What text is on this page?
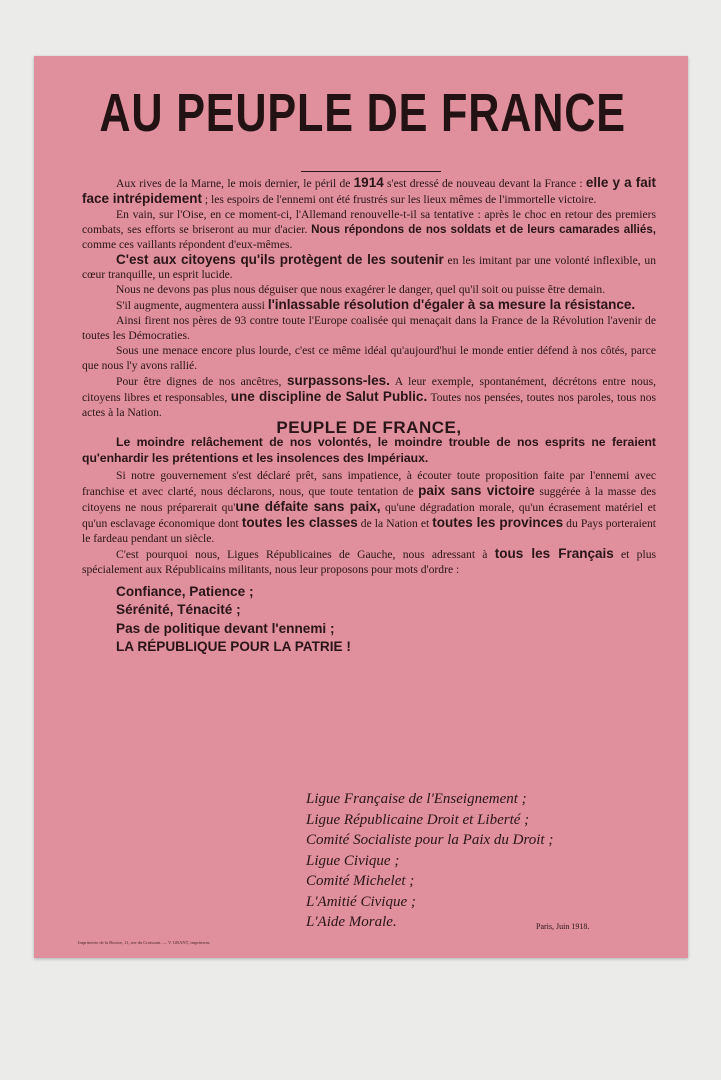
AU PEUPLE DE FRANCE

Aux rives de la Marne, le mois dernier, le péril de 1914 s'est dressé de nouveau devant la France : elle y a fait face intrépidement ; les espoirs de l'ennemi ont été frustrés sur les lieux mêmes de l'immortelle victoire.

En vain, sur l'Oise, en ce moment-ci, l'Allemand renouvelle-t-il sa tentative : après le choc en retour des premiers combats, ses efforts se briseront au mur d'acier. Nous répondons de nos soldats et de leurs camarades alliés, comme ces vaillants répondent d'eux-mêmes.

C'est aux citoyens qu'ils protègent de les soutenir en les imitant par une volonté inflexible, un cœur tranquille, un esprit lucide.

Nous ne devons pas plus nous déguiser que nous exagérer le danger, quel qu'il soit ou puisse être demain.

S'il augmente, augmentera aussi l'inlassable résolution d'égaler à sa mesure la résistance.

Ainsi firent nos pères de 93 contre toute l'Europe coalisée qui menaçait dans la France de la Révolution l'avenir de toutes les Démocraties.

Sous une menace encore plus lourde, c'est ce même idéal qu'aujourd'hui le monde entier défend à nos côtés, parce que nous l'y avons rallié.

Pour être dignes de nos ancêtres, surpassons-les. A leur exemple, spontanément, décrétons entre nous, citoyens libres et responsables, une discipline de Salut Public. Toutes nos pensées, toutes nos paroles, tous nos actes à la Nation.

PEUPLE DE FRANCE,

Le moindre relâchement de nos volontés, le moindre trouble de nos esprits ne feraient qu'enhardir les prétentions et les insolences des Impériaux.

Si notre gouvernement s'est déclaré prêt, sans impatience, à écouter toute proposition faite par l'ennemi avec franchise et avec clarté, nous déclarons, nous, que toute tentation de paix sans victoire suggérée à la masse des citoyens ne nous préparerait qu'une défaite sans paix, qu'une dégradation morale, qu'un écrasement matériel et qu'un esclavage économique dont toutes les classes de la Nation et toutes les provinces du Pays porteraient le fardeau pendant un siècle.

C'est pourquoi nous, Ligues Républicaines de Gauche, nous adressant à tous les Français et plus spécialement aux Républicains militants, nous leur proposons pour mots d'ordre :

Confiance, Patience ;
Sérénité, Ténacité ;
Pas de politique devant l'ennemi ;
LA RÉPUBLIQUE POUR LA PATRIE !
Ligue Française de l'Enseignement ;
Ligue Républicaine Droit et Liberté ;
Comité Socialiste pour la Paix du Droit ;
Ligue Civique ;
Comité Michelet ;
L'Amitié Civique ;
L'Aide Morale.	Paris, Juin 1918.
Imprimerie de la Bourse, 11, rue du Croissant. — V. GRANT, imprimeur.
